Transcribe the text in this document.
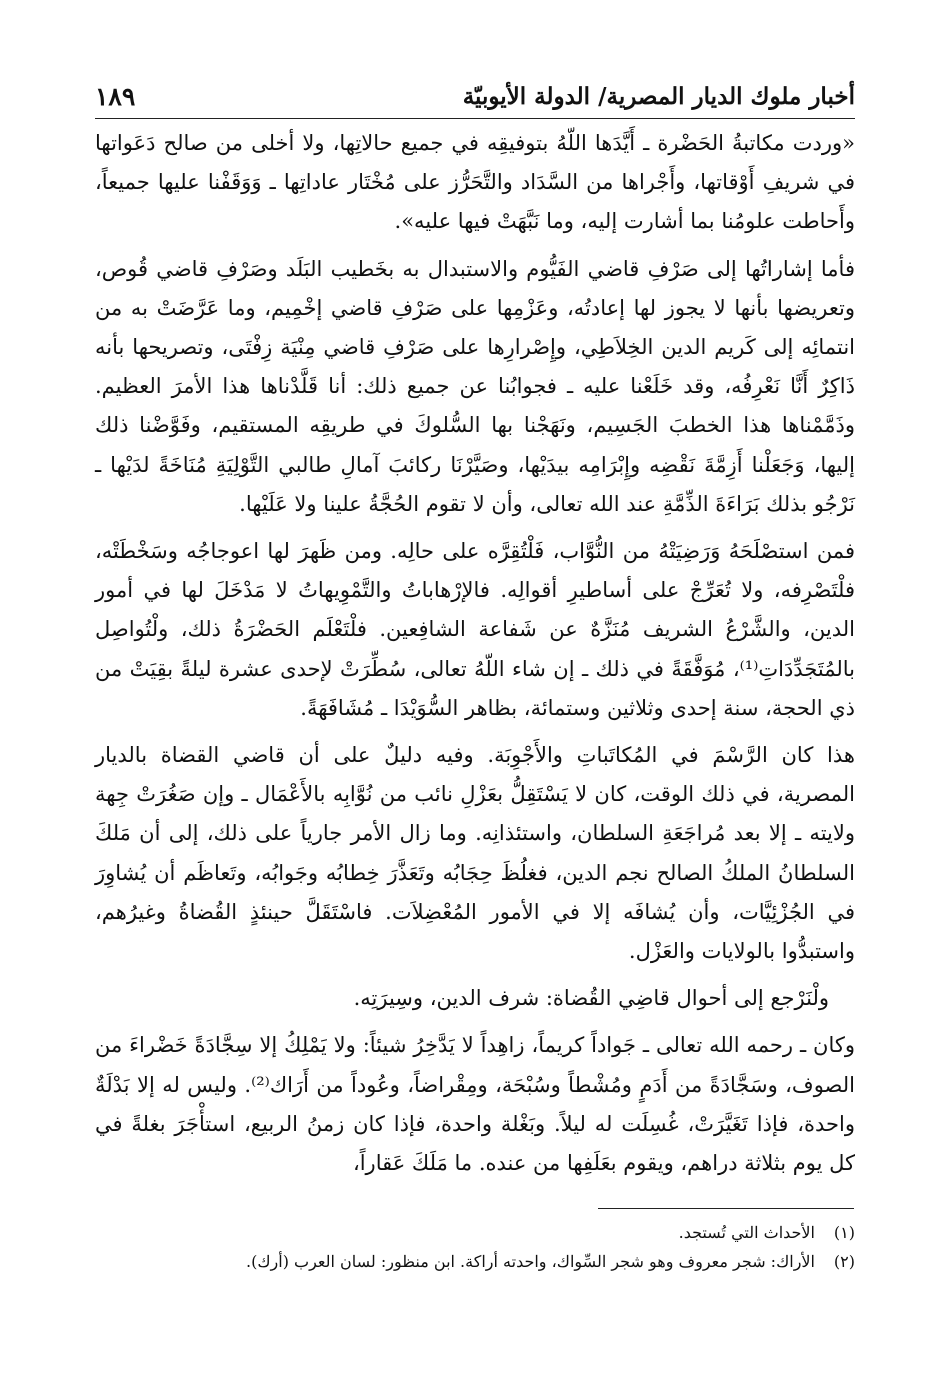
أخبار ملوك الديار المصرية/ الدولة الأيوبيّة
١٨٩

«وردت مكاتبةُ الحَضْرة ـ أَيَّدَها اللّهُ بتوفيقِه في جميع حالاتِها، ولا أخلى من صالح دَعَواتها في شريفِ أَوْقاتها، وأَجْراها من السَّدَاد والتَّحَرُّز على مُخْتَار عاداتِها ـ وَوَقَفْنا عليها جميعاً، وأَحاطت علومُنا بما أشارت إليه، وما نَبَّهَتْ فيها عليه».

فأما إشاراتُها إلى صَرْفِ قاضي الفَيُّوم والاستبدال به بخَطيب البَلَد وصَرْفِ قاضي قُوص، وتعريضها بأنها لا يجوز لها إعادتُه، وعَزْمِها على صَرْفِ قاضي إخْمِيم، وما عَرَّضَتْ به من انتمائِه إلى كَريم الدين الخِلاَطِي، وإِصْرارِها على صَرْفِ قاضي مِنْيَة زِفْتَى، وتصريحها بأنه ذَاكِرٌ أَنَّا نَعْرِفُه، وقد خَلَعْنا عليه ـ فجوابُنا عن جميع ذلك: أنا قَلَّدْناها هذا الأمرَ العظيم. وذَمَّمْناها هذا الخطبَ الجَسِيم، ونَهَجْنا بها السُّلوكَ في طريقِه المستقيم، وفَوَّضْنا ذلك إليها، وَجَعَلْنا أَزِمَّةَ نَقْضِه وإِبْرَامِه بيدَيْها، وصَيَّرْنَا ركائبَ آمالِ طالبي التَّوْلِيَةِ مُنَاخَةً لدَيْها ـ نَرْجُو بذلك بَرَاءَةَ الذِّمَّةِ عند الله تعالى، وأن لا تقوم الحُجَّةُ علينا ولا عَلَيْها.

فمن استصْلَحَهُ وَرَضِيَتْهُ من النُّوَّاب، فَلْتُقِرَّه على حالِه. ومن ظَهرَ لها اعوجاجُه وسَخْطَتْه، فلْتَصْرِفه، ولا تُعَرِّجْ على أساطيرِ أقوالِه. فالإرْهاباتُ والتَّمْوِيهاتُ لا مَدْخَلَ لها في أمور الدين، والشَّرْعُ الشريف مُنَزَّهٌ عن شَفاعة الشافِعين. فلْتَعْلَم الحَضْرَةُ ذلك، ولْتُواصِل بالمُتَجَدِّدَاتِ⁽¹⁾، مُوَفَّقَةً في ذلك ـ إن شاء اللّهُ تعالى، سُطِّرَتْ لإحدى عشرة ليلةً بقِيَتْ من ذي الحجة، سنة إحدى وثلاثين وستمائة، بظاهر السُّوَيْدَا ـ مُشَافَهَةً.

هذا كان الرَّسْمَ في المُكاتَباتِ والأَجْوِبَة. وفيه دليلٌ على أن قاضي القضاة بالديار المصرية، في ذلك الوقت، كان لا يَسْتَقِلُّ بعَزْلِ نائب من نُوَّابِه بالأَعْمَال ـ وإن صَغُرَتْ جِهة ولايته ـ إلا بعد مُراجَعَةِ السلطان، واستئذانِه. وما زال الأمر جارياً على ذلك، إلى أن مَلكَ السلطانُ الملكُ الصالح نجم الدين، فغلُظَ حِجَابُه وتَعَذَّرَ خِطابُه وجَوابُه، وتَعاظَم أن يُشاوِرَ في الجُزْئِيَّات، وأن يُشافَه إلا في الأمور المُعْضِلاَت. فاسْتَقَلَّ حينئذٍ القُضاةُ وغيرُهم، واستبدُّوا بالولايات والعَزْل.

ولْنَرْجع إلى أحوال قاضِي القُضاة: شرف الدين، وسِيرَتِه.

وكان ـ رحمه الله تعالى ـ جَواداً كريماً، زاهِداً لا يَدَّخِرُ شيئاً: ولا يَمْلِكُ إلا سِجَّادَةً خَضْراءَ من الصوف، وسَجَّادَةً من أَدَمٍ ومُشْطاً وسُبْحَة، ومِقْراضاً، وعُوداً من أَرَاك⁽²⁾. وليس له إلا بَدْلَةٌ واحدة، فإذا تَغَيَّرَتْ، غُسِلَت له ليلاً. وبَغْلة واحدة، فإذا كان زمنُ الربيع، استأْجَرَ بغلةً في كل يوم بثلاثة دراهم، ويقوم بعَلَفِها من عنده. ما مَلَكَ عَقاراً،

(١)
الأحداث التي تُستجد.
(٢)
الأراك: شجر معروف وهو شجر السِّواك، واحدته أراكة. ابن منظور: لسان العرب (أرك).
